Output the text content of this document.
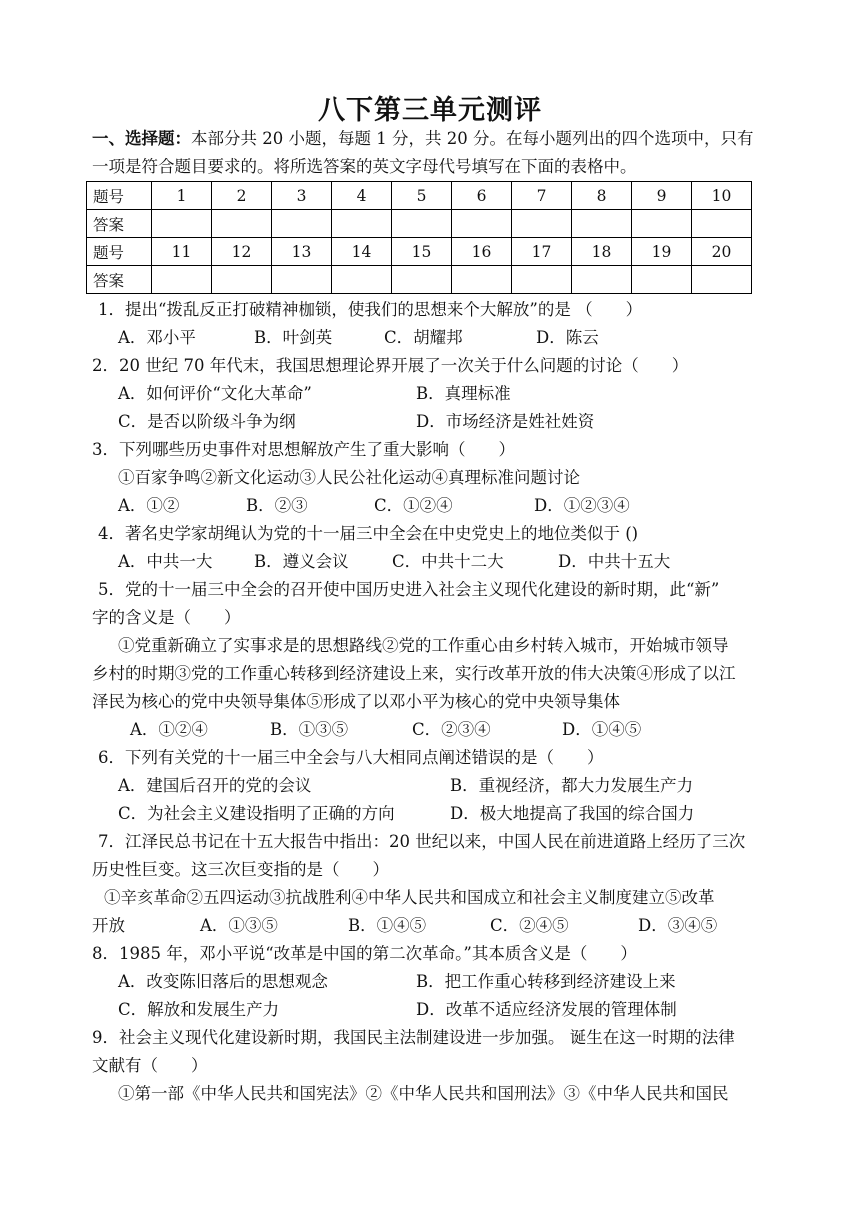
八下第三单元测评
一、选择题：本部分共 20 小题，每题 1 分，共 20 分。在每小题列出的四个选项中，只有
一项是符合题目要求的。将所选答案的英文字母代号填写在下面的表格中。
题号	1	2	3	4	5	6	7	8	9	10
答案										
题号	11	12	13	14	15	16	17	18	19	20
答案										
1．提出“拨乱反正打破精神枷锁，使我们的思想来个大解放”的是 （　　）
A．邓小平	B．叶剑英	C．胡耀邦	D．陈云
2．20 世纪 70 年代末，我国思想理论界开展了一次关于什么问题的讨论（　　）
A．如何评价“文化大革命”	B．真理标准
C．是否以阶级斗争为纲	D．市场经济是姓社姓资
3．下列哪些历史事件对思想解放产生了重大影响（　　）
①百家争鸣②新文化运动③人民公社化运动④真理标准问题讨论
A．①②	B．②③	C．①②④	D．①②③④
4．著名史学家胡绳认为党的十一届三中全会在中史党史上的地位类似于 ()
A．中共一大	B．遵义会议	C．中共十二大	D．中共十五大
5．党的十一届三中全会的召开使中国历史进入社会主义现代化建设的新时期，此“新”
字的含义是（　　）
①党重新确立了实事求是的思想路线②党的工作重心由乡村转入城市，开始城市领导
乡村的时期③党的工作重心转移到经济建设上来，实行改革开放的伟大决策④形成了以江
泽民为核心的党中央领导集体⑤形成了以邓小平为核心的党中央领导集体
A．①②④	B．①③⑤	C．②③④	D．①④⑤
6．下列有关党的十一届三中全会与八大相同点阐述错误的是（　　）
A．建国后召开的党的会议	B．重视经济，都大力发展生产力
C．为社会主义建设指明了正确的方向	D．极大地提高了我国的综合国力
7．江泽民总书记在十五大报告中指出：20 世纪以来，中国人民在前进道路上经历了三次
历史性巨变。这三次巨变指的是（　　）
①辛亥革命②五四运动③抗战胜利④中华人民共和国成立和社会主义制度建立⑤改革
开放	A．①③⑤	B．①④⑤	C．②④⑤	D．③④⑤
8．1985 年，邓小平说“改革是中国的第二次革命。”其本质含义是（　　）
A．改变陈旧落后的思想观念	B．把工作重心转移到经济建设上来
C．解放和发展生产力	D．改革不适应经济发展的管理体制
9．社会主义现代化建设新时期，我国民主法制建设进一步加强。 诞生在这一时期的法律
文献有（　　）
①第一部《中华人民共和国宪法》②《中华人民共和国刑法》③《中华人民共和国民
